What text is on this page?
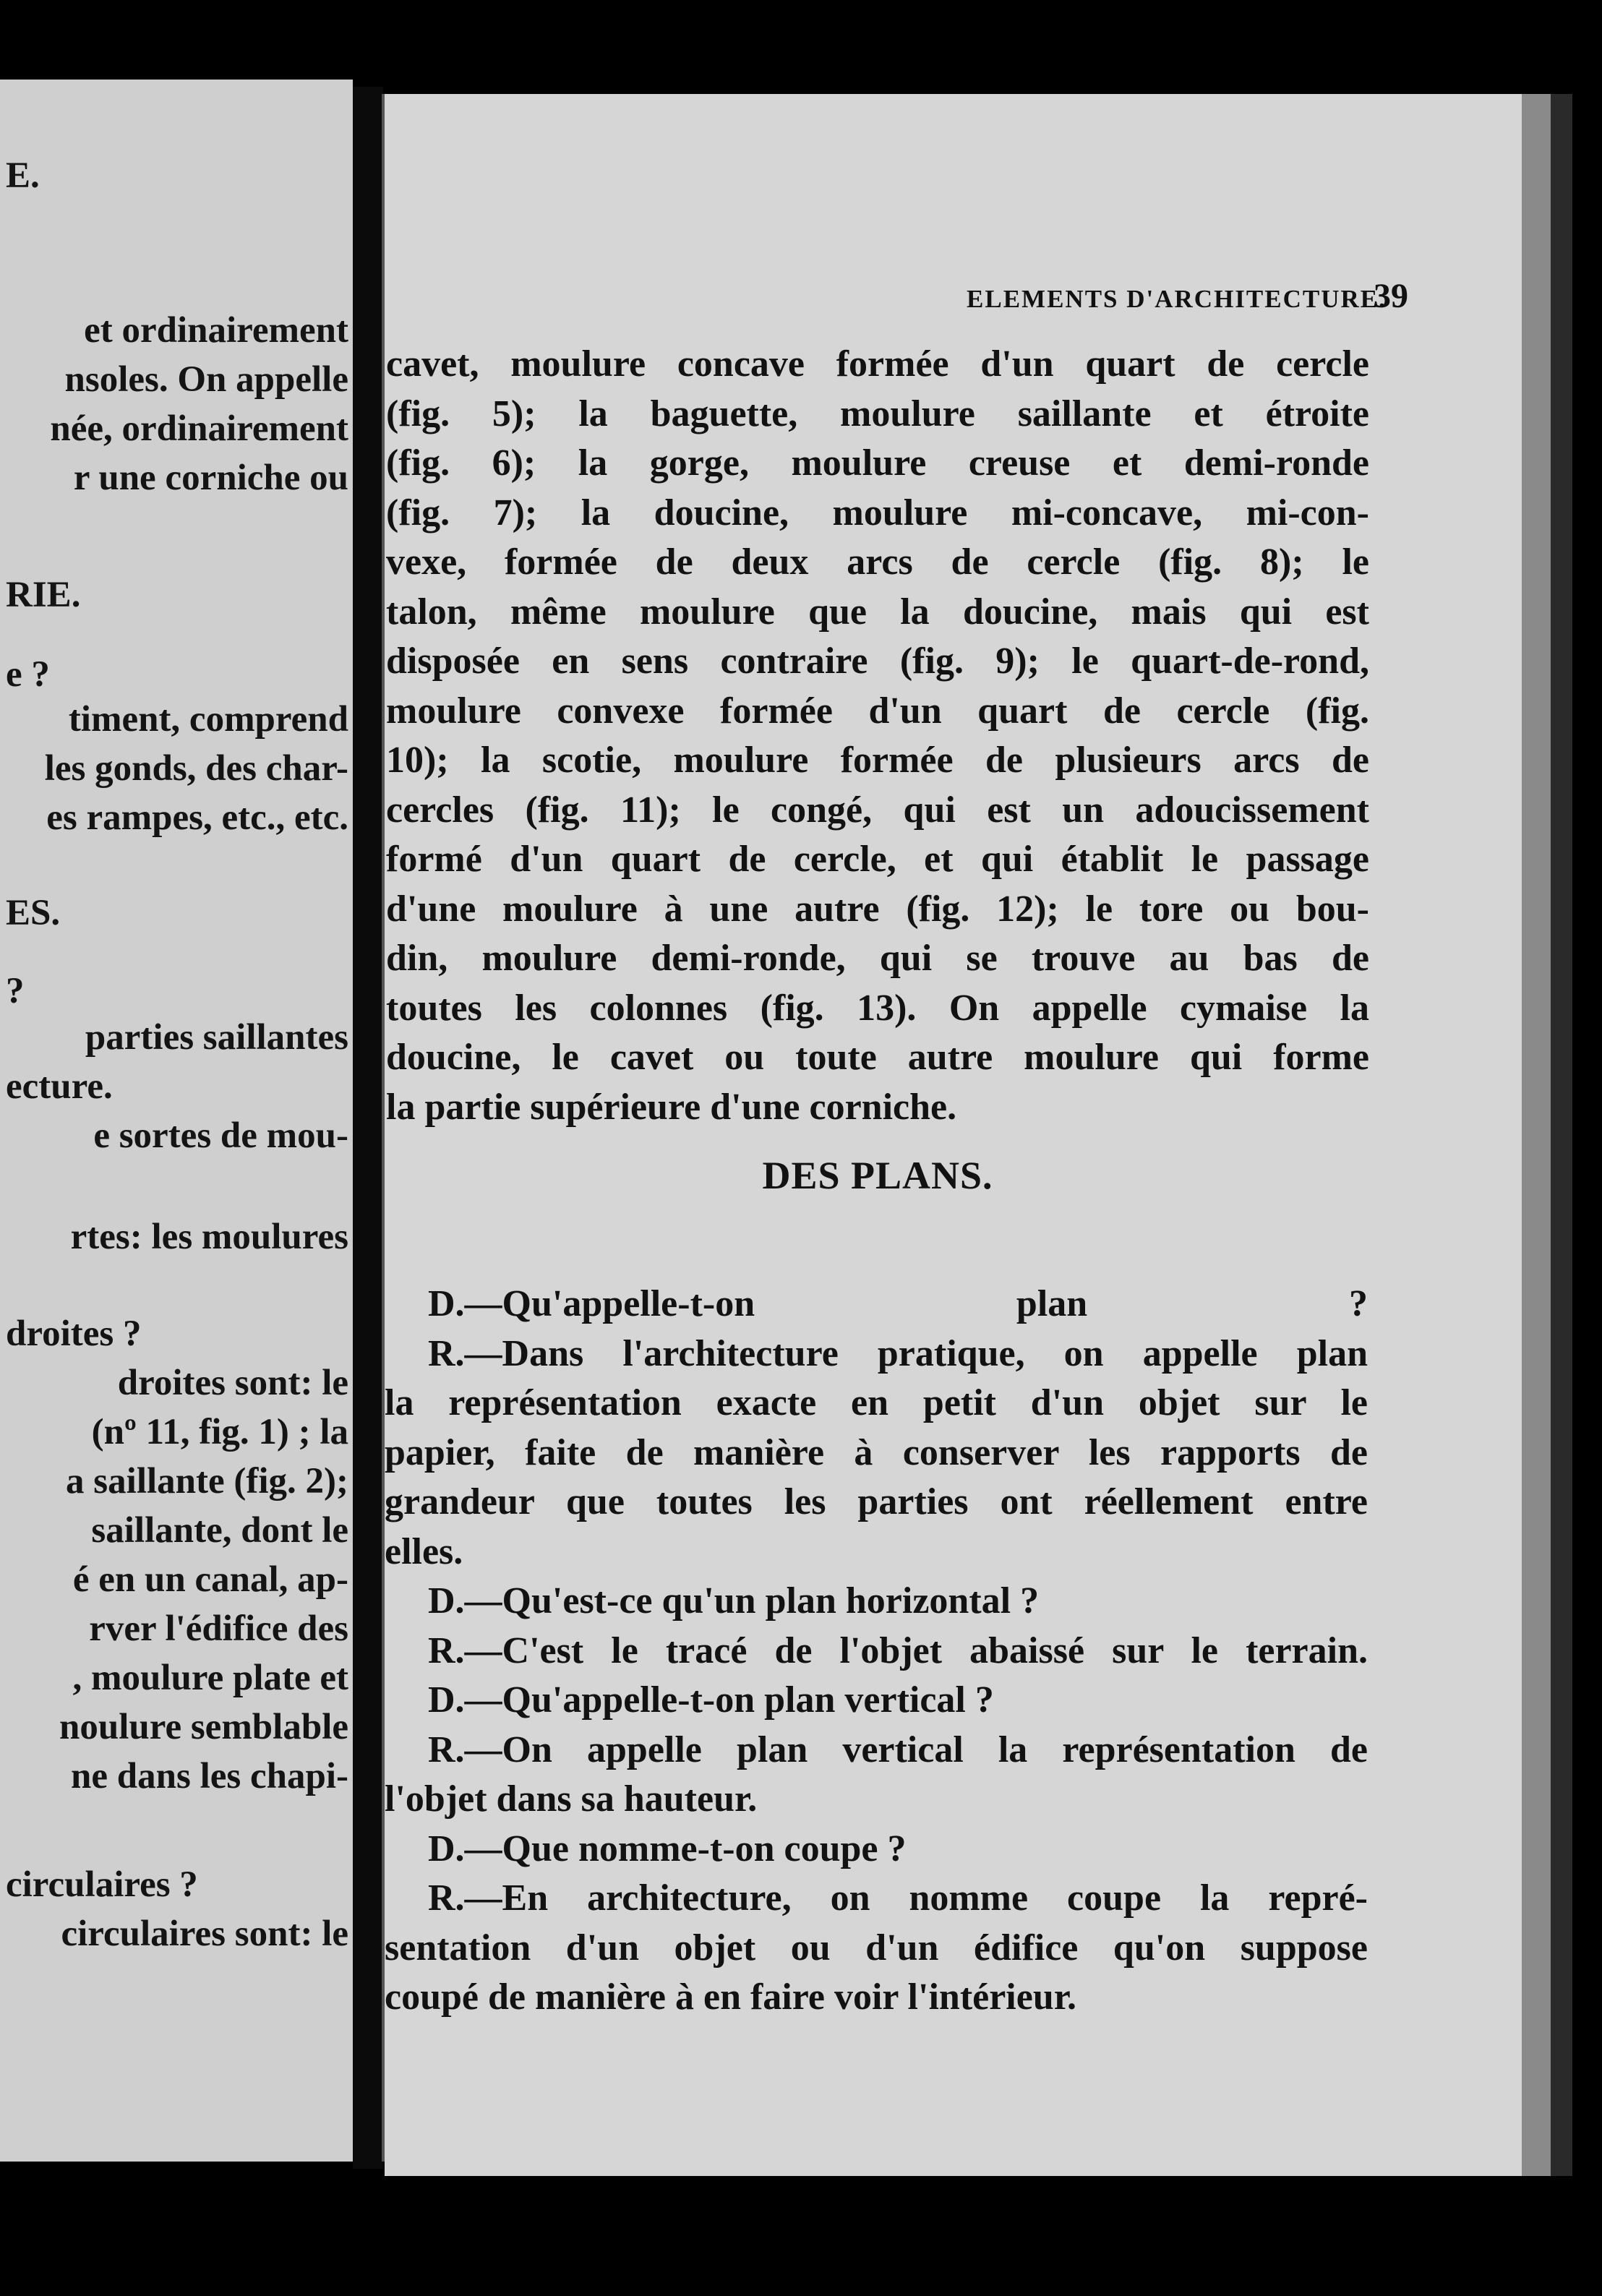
E.
et ordinairement
nsoles. On appelle
née, ordinairement
r une corniche ou
RIE.
e ?
timent, comprend
les gonds, des char-
es rampes, etc., etc.
ES.
?
parties saillantes
ecture.
e sortes de mou-
rtes: les moulures
droites ?
droites sont: le
(nº 11, fig. 1) ; la
a saillante (fig. 2);
saillante, dont le
é en un canal, ap-
rver l'édifice des
, moulure plate et
noulure semblable
ne dans les chapi-
circulaires ?
circulaires sont: le
ELEMENTS D'ARCHITECTURE.
39
cavet, moulure concave formée d'un quart de cercle
(fig. 5); la baguette, moulure saillante et étroite
(fig. 6); la gorge, moulure creuse et demi-ronde
(fig. 7); la doucine, moulure mi-concave, mi-con-
vexe, formée de deux arcs de cercle (fig. 8); le
talon, même moulure que la doucine, mais qui est
disposée en sens contraire (fig. 9); le quart-de-rond,
moulure convexe formée d'un quart de cercle (fig.
10); la scotie, moulure formée de plusieurs arcs de
cercles (fig. 11); le congé, qui est un adoucissement
formé d'un quart de cercle, et qui établit le passage
d'une moulure à une autre (fig. 12); le tore ou bou-
din, moulure demi-ronde, qui se trouve au bas de
toutes les colonnes (fig. 13). On appelle cymaise la
doucine, le cavet ou toute autre moulure qui forme
la partie supérieure d'une corniche.
DES PLANS.
D.—Qu'appelle-t-on plan ?
R.—Dans l'architecture pratique, on appelle plan
la représentation exacte en petit d'un objet sur le
papier, faite de manière à conserver les rapports de
grandeur que toutes les parties ont réellement entre
elles.
D.—Qu'est-ce qu'un plan horizontal ?
R.—C'est le tracé de l'objet abaissé sur le terrain.
D.—Qu'appelle-t-on plan vertical ?
R.—On appelle plan vertical la représentation de
l'objet dans sa hauteur.
D.—Que nomme-t-on coupe ?
R.—En architecture, on nomme coupe la repré-
sentation d'un objet ou d'un édifice qu'on suppose
coupé de manière à en faire voir l'intérieur.
